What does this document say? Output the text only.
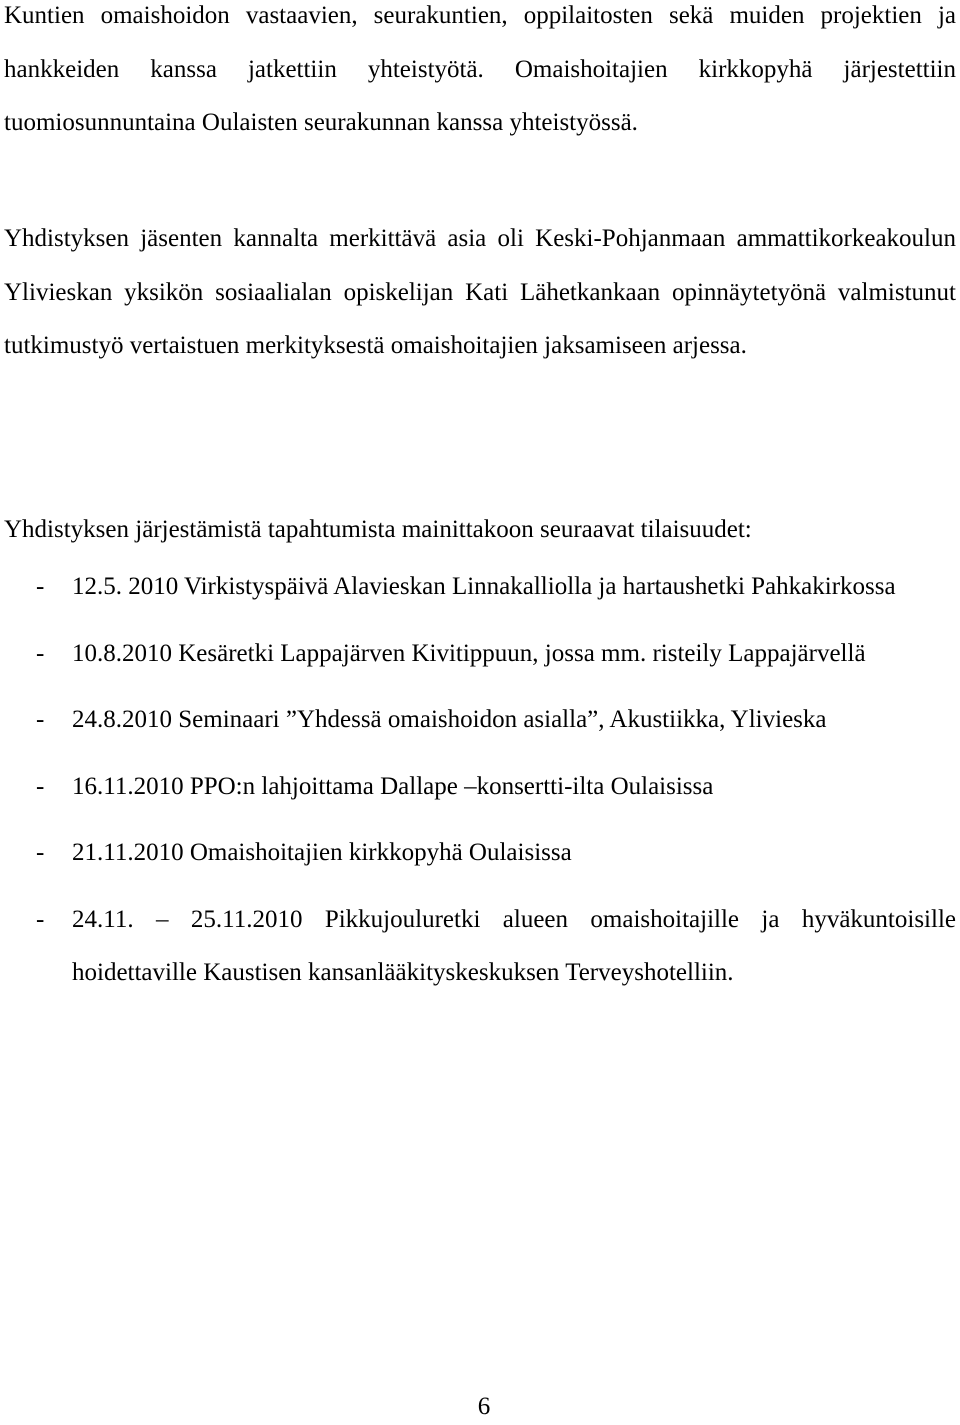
Kuntien omaishoidon vastaavien, seurakuntien, oppilaitosten sekä muiden projektien ja hankkeiden kanssa jatkettiin yhteistyötä. Omaishoitajien kirkkopyhä järjestettiin tuomiosunnuntaina Oulaisten seurakunnan kanssa yhteistyössä.

Yhdistyksen jäsenten kannalta merkittävä asia oli Keski-Pohjanmaan ammattikorkeakoulun Ylivieskan yksikön sosiaalialan opiskelijan Kati Lähetkankaan opinnäytetyönä valmistunut tutkimustyö vertaistuen merkityksestä omaishoitajien jaksamiseen arjessa.

Yhdistyksen järjestämistä tapahtumista mainittakoon seuraavat tilaisuudet:

- 12.5. 2010 Virkistyspäivä Alavieskan Linnakalliolla ja hartaushetki Pahkakirkossa
- 10.8.2010 Kesäretki Lappajärven Kivitippuun, jossa mm. risteily Lappajärvellä
- 24.8.2010 Seminaari ”Yhdessä omaishoidon asialla”, Akustiikka, Ylivieska
- 16.11.2010 PPO:n lahjoittama Dallape –konsertti-ilta Oulaisissa
- 21.11.2010 Omaishoitajien kirkkopyhä Oulaisissa
- 24.11. – 25.11.2010 Pikkujouluretki alueen omaishoitajille ja hyväkuntoisille hoidettaville Kaustisen kansanlääkityskeskuksen Terveyshotelliin.
6
